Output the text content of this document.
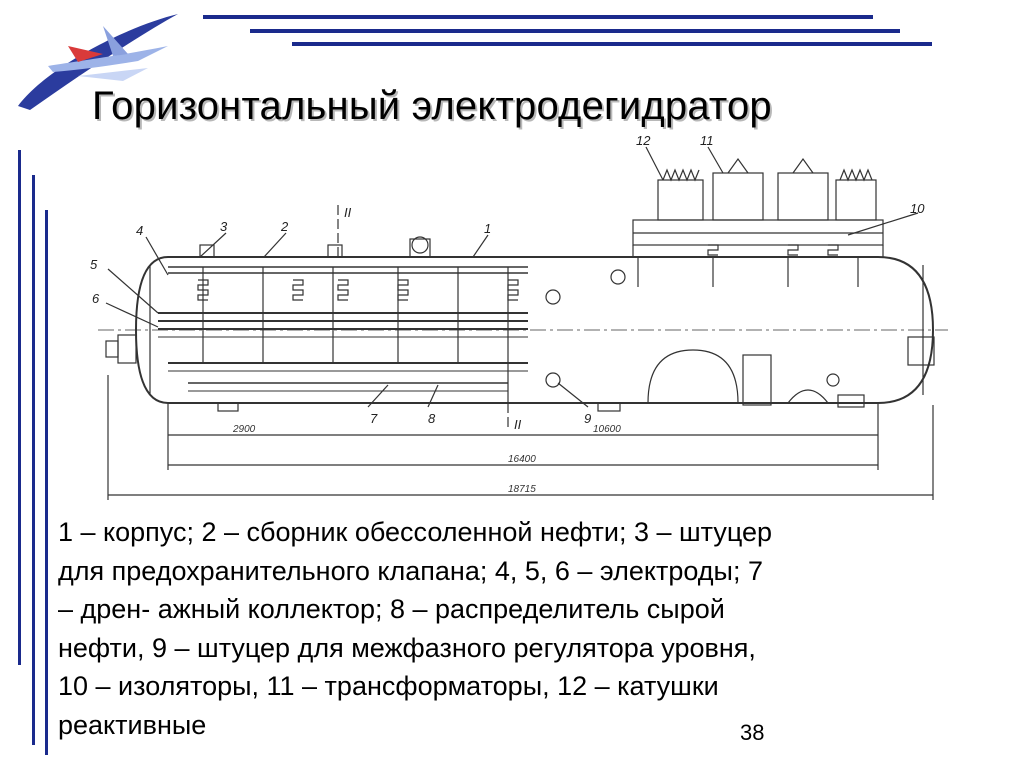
Горизонтальный электродегидратор
12	11
10
3	2
4	1
5
6
7	8	9
II
II
2900	10600
16400
18715
1 – корпус; 2 – сборник обессоленной нефти; 3 – штуцер
для предохранительного клапана; 4, 5, 6 – электроды; 7
– дрен- ажный коллектор; 8 – распределитель сырой
нефти, 9 – штуцер для межфазного регулятора уровня,
10 – изоляторы, 11 – трансформаторы, 12 – катушки
реактивные	38
